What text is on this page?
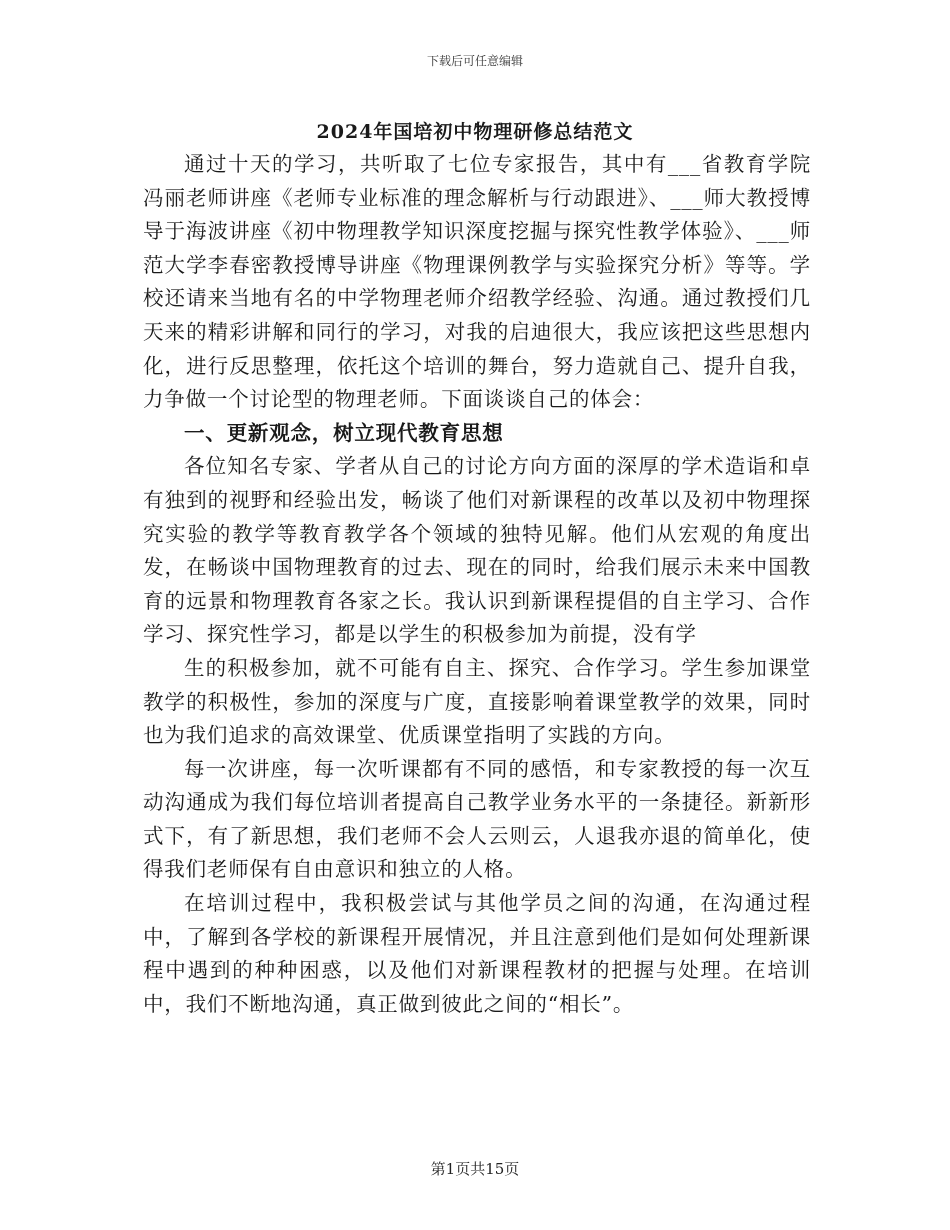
下载后可任意编辑
2024年国培初中物理研修总结范文

通过十天的学习，共听取了七位专家报告，其中有___省教育学院冯丽老师讲座《老师专业标准的理念解析与行动跟进》、___师大教授博导于海波讲座《初中物理教学知识深度挖掘与探究性教学体验》、___师范大学李春密教授博导讲座《物理课例教学与实验探究分析》等等。学校还请来当地有名的中学物理老师介绍教学经验、沟通。通过教授们几天来的精彩讲解和同行的学习，对我的启迪很大，我应该把这些思想内化，进行反思整理，依托这个培训的舞台，努力造就自己、提升自我，力争做一个讨论型的物理老师。下面谈谈自己的体会：

一、更新观念，树立现代教育思想

各位知名专家、学者从自己的讨论方向方面的深厚的学术造诣和卓有独到的视野和经验出发，畅谈了他们对新课程的改革以及初中物理探究实验的教学等教育教学各个领域的独特见解。他们从宏观的角度出发，在畅谈中国物理教育的过去、现在的同时，给我们展示未来中国教育的远景和物理教育各家之长。我认识到新课程提倡的自主学习、合作学习、探究性学习，都是以学生的积极参加为前提，没有学

生的积极参加，就不可能有自主、探究、合作学习。学生参加课堂教学的积极性，参加的深度与广度，直接影响着课堂教学的效果，同时也为我们追求的高效课堂、优质课堂指明了实践的方向。

每一次讲座，每一次听课都有不同的感悟，和专家教授的每一次互动沟通成为我们每位培训者提高自己教学业务水平的一条捷径。新新形式下，有了新思想，我们老师不会人云则云，人退我亦退的简单化，使得我们老师保有自由意识和独立的人格。

在培训过程中，我积极尝试与其他学员之间的沟通，在沟通过程中，了解到各学校的新课程开展情况，并且注意到他们是如何处理新课程中遇到的种种困惑，以及他们对新课程教材的把握与处理。在培训中，我们不断地沟通，真正做到彼此之间的“相长”。

第1页共15页
